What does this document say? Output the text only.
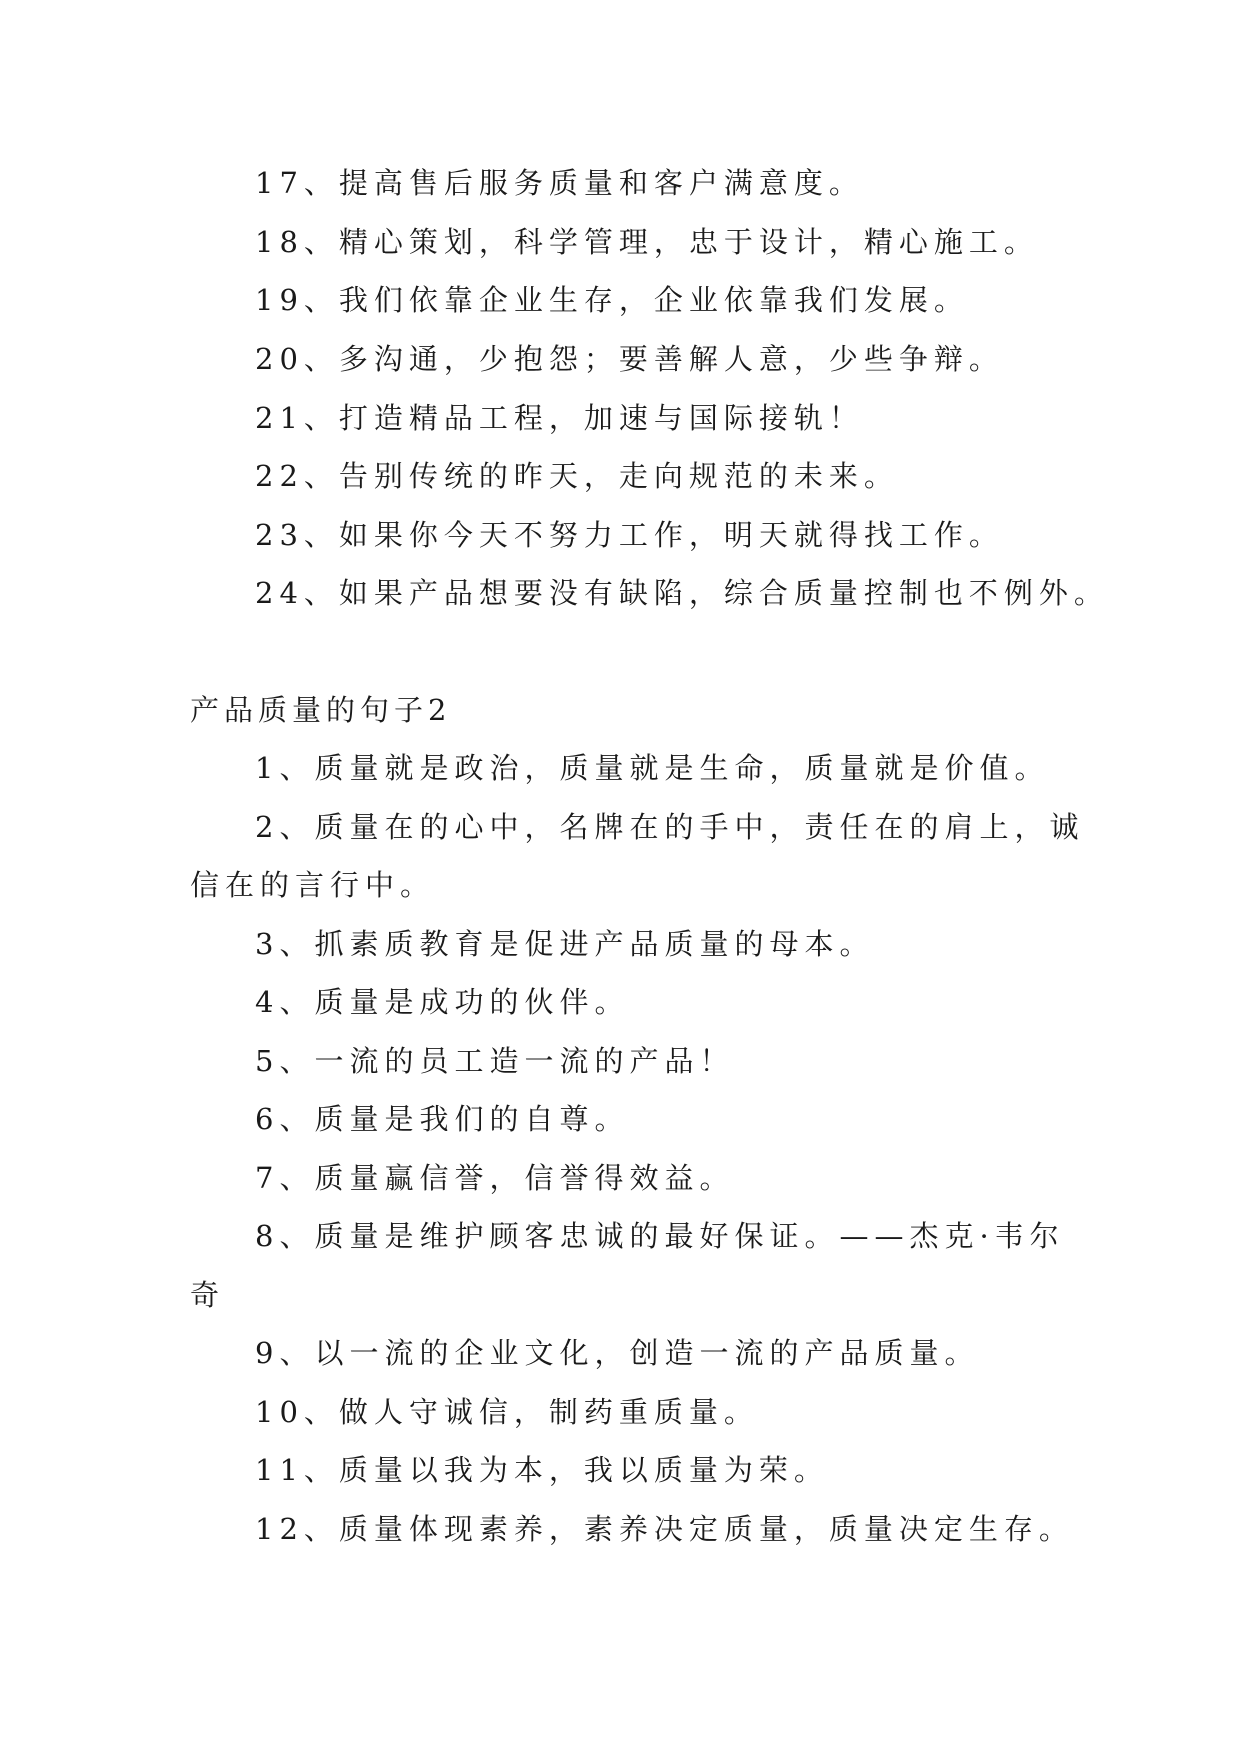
17、提高售后服务质量和客户满意度。
18、精心策划，科学管理，忠于设计，精心施工。
19、我们依靠企业生存，企业依靠我们发展。
20、多沟通，少抱怨；要善解人意，少些争辩。
21、打造精品工程，加速与国际接轨！
22、告别传统的昨天，走向规范的未来。
23、如果你今天不努力工作，明天就得找工作。
24、如果产品想要没有缺陷，综合质量控制也不例外。
产品质量的句子2
1、质量就是政治，质量就是生命，质量就是价值。
2、质量在的心中，名牌在的手中，责任在的肩上，诚
信在的言行中。
3、抓素质教育是促进产品质量的母本。
4、质量是成功的伙伴。
5、一流的员工造一流的产品！
6、质量是我们的自尊。
7、质量赢信誉，信誉得效益。
8、质量是维护顾客忠诚的最好保证。——杰克·韦尔
奇
9、以一流的企业文化，创造一流的产品质量。
10、做人守诚信，制药重质量。
11、质量以我为本，我以质量为荣。
12、质量体现素养，素养决定质量，质量决定生存。
